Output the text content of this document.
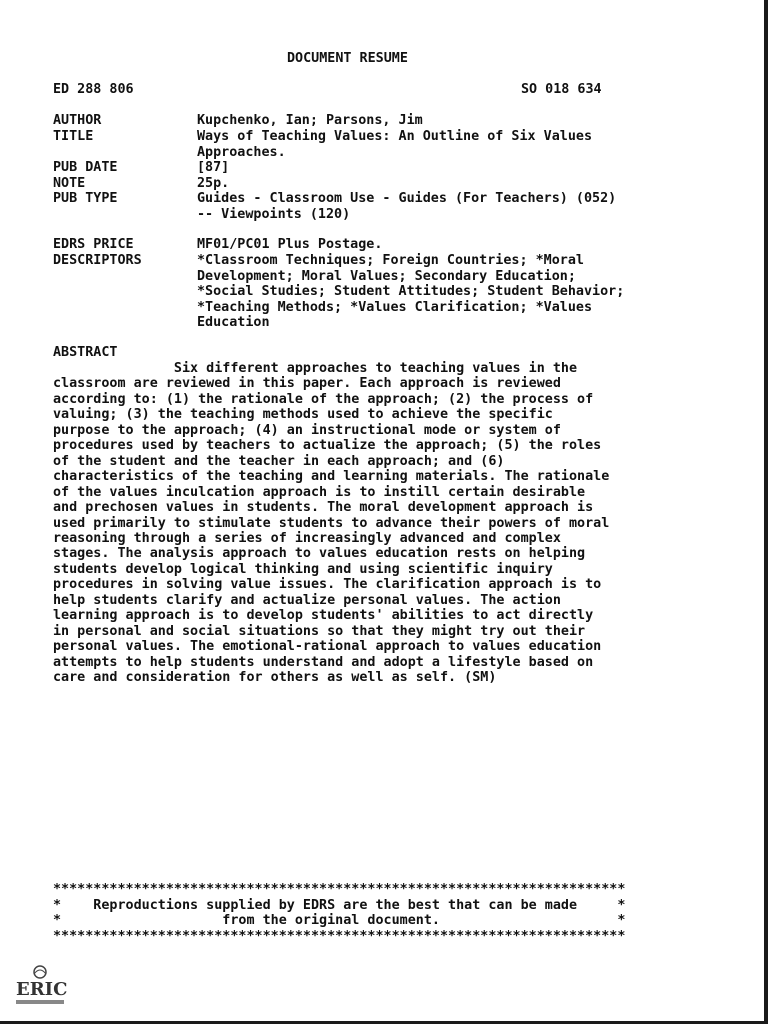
DOCUMENT RESUME
ED 288 806	SO 018 634
AUTHOR	Kupchenko, Ian; Parsons, Jim
TITLE	Ways of Teaching Values: An Outline of Six Values
Approaches.
PUB DATE	[87]
NOTE	25p.
PUB TYPE	Guides - Classroom Use - Guides (For Teachers) (052)
-- Viewpoints (120)
EDRS PRICE	MF01/PC01 Plus Postage.
DESCRIPTORS	*Classroom Techniques; Foreign Countries; *Moral
Development; Moral Values; Secondary Education;
*Social Studies; Student Attitudes; Student Behavior;
*Teaching Methods; *Values Clarification; *Values
Education
ABSTRACT
Six different approaches to teaching values in the
classroom are reviewed in this paper. Each approach is reviewed
according to: (1) the rationale of the approach; (2) the process of
valuing; (3) the teaching methods used to achieve the specific
purpose to the approach; (4) an instructional mode or system of
procedures used by teachers to actualize the approach; (5) the roles
of the student and the teacher in each approach; and (6)
characteristics of the teaching and learning materials. The rationale
of the values inculcation approach is to instill certain desirable
and prechosen values in students. The moral development approach is
used primarily to stimulate students to advance their powers of moral
reasoning through a series of increasingly advanced and complex
stages. The analysis approach to values education rests on helping
students develop logical thinking and using scientific inquiry
procedures in solving value issues. The clarification approach is to
help students clarify and actualize personal values. The action
learning approach is to develop students' abilities to act directly
in personal and social situations so that they might try out their
personal values. The emotional-rational approach to values education
attempts to help students understand and adopt a lifestyle based on
care and consideration for others as well as self. (SM)
***********************************************************************
*    Reproductions supplied by EDRS are the best that can be made     *
*                    from the original document.                      *
***********************************************************************
ERIC
